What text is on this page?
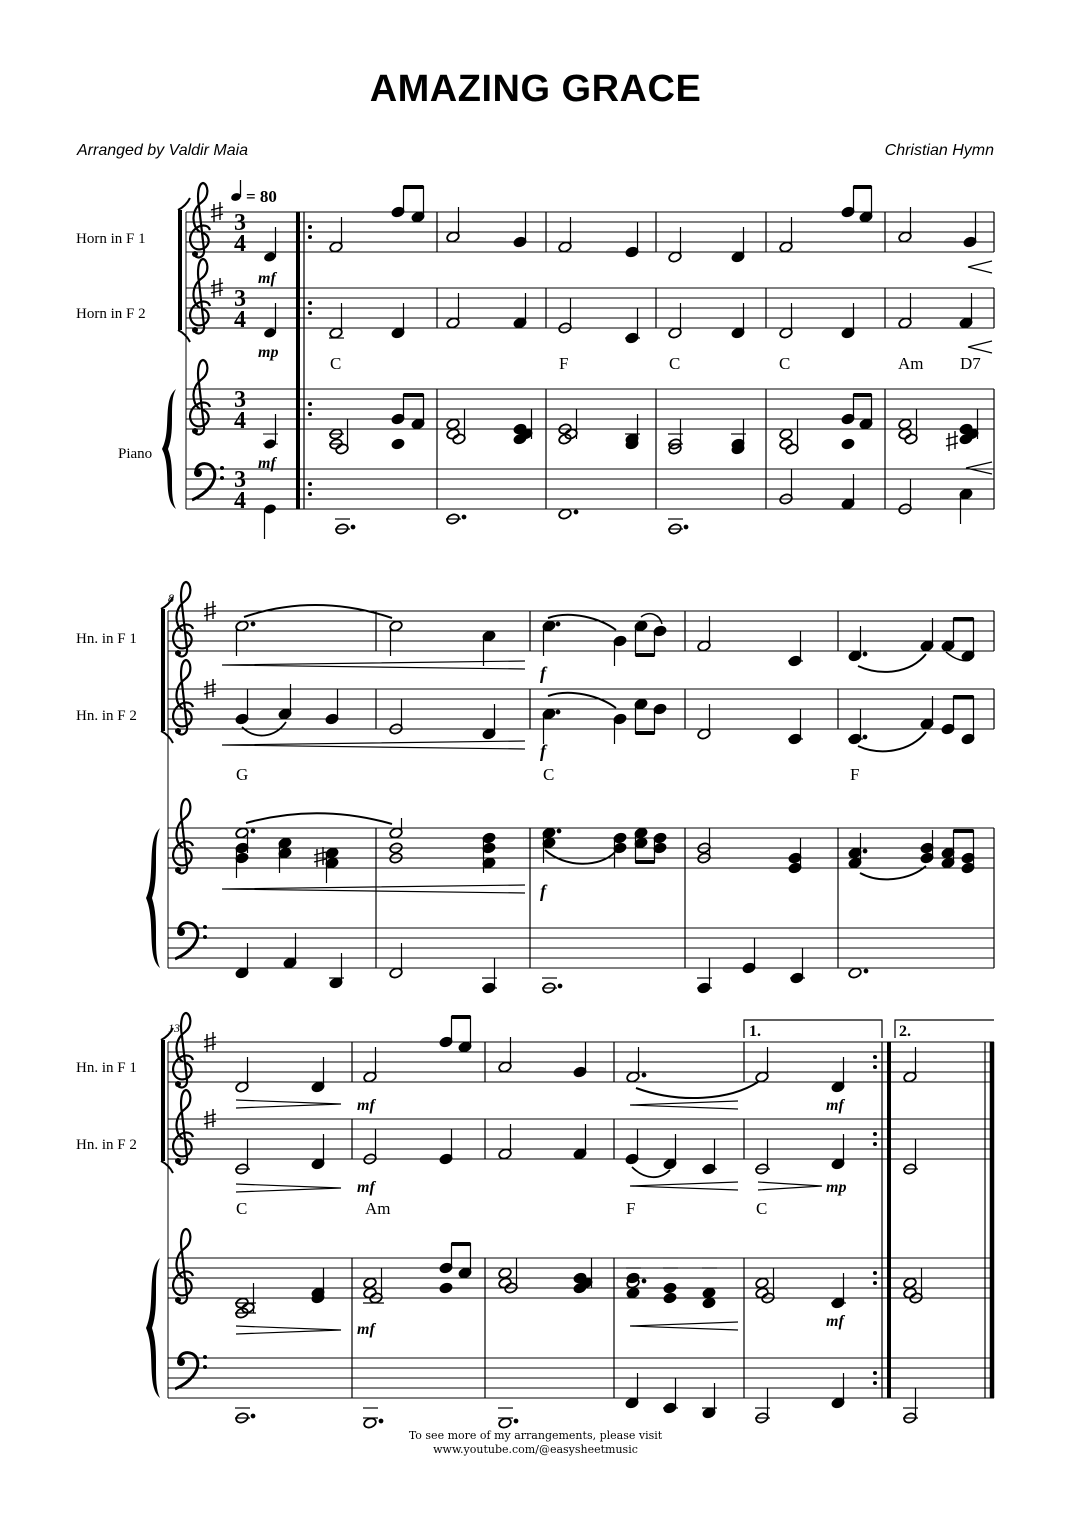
AMAZING GRACE
Arranged by Valdir Maia	Christian Hymn
= 80
Horn in F 1
Horn in F 2
Piano
3
4
3
4
3
4
3
4
mf
mp
mf
C	F	C	C	Am D7
8
Hn. in F 1
Hn. in F 2
f
f
G	C	F
f
13
Hn. in F 1
Hn. in F 2
1.	2.
mf	mf
mf	mp
C	Am	F	C
mf	mf
To see more of my arrangements, please visit
www.youtube.com/@easysheetmusic
